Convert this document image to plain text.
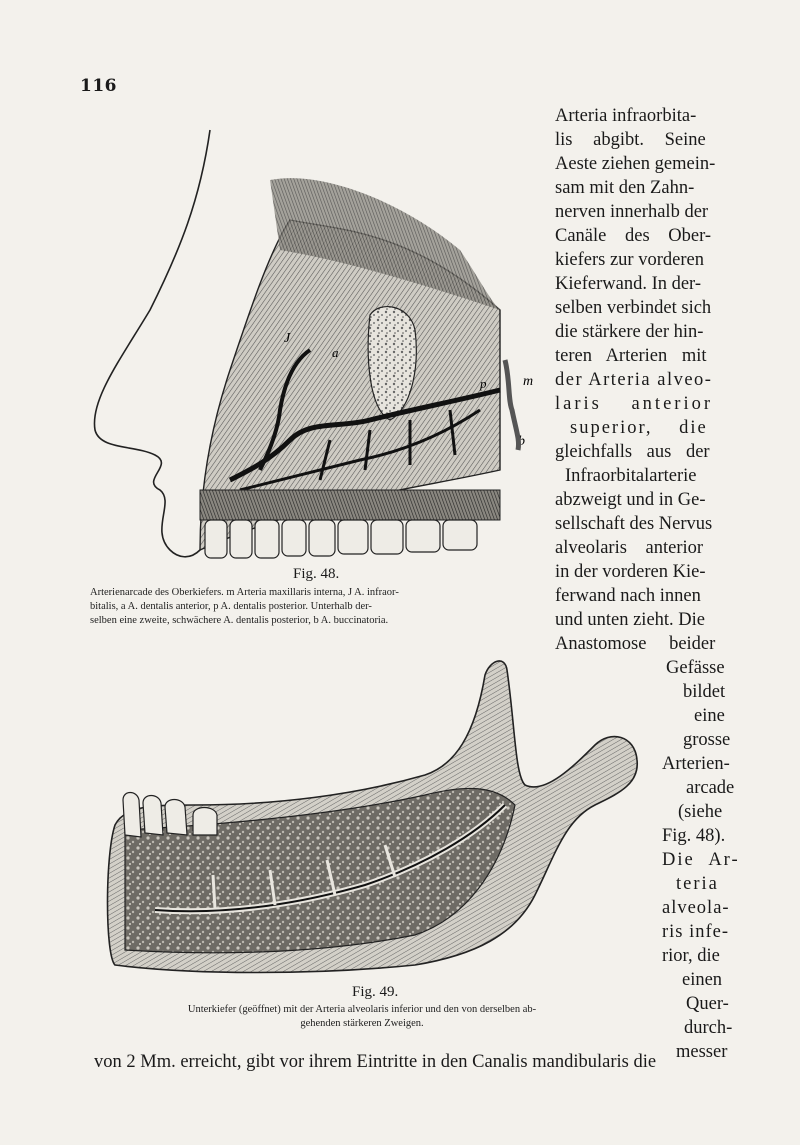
116
J
a
p	m
b
Fig. 48.
Arterienarcade des Oberkiefers. m Arteria maxillaris interna, J A. infraor-
bitalis, a A. dentalis anterior, p A. dentalis posterior. Unterhalb der-
selben eine zweite, schwächere A. dentalis posterior, b A. buccinatoria.
Fig. 49.
Unterkiefer (geöffnet) mit der Arteria alveolaris inferior und den von derselben ab-
gehenden stärkeren Zweigen.
Arteria infraorbita-
lis abgibt. Seine
Aeste ziehen gemein-
sam mit den Zahn-
nerven innerhalb der
Canäle des Ober-
kiefers zur vorderen
Kieferwand. In der-
selben verbindet sich
die stärkere der hin-
teren Arterien mit
der Arteria alveo-
laris anterior
superior, die
gleichfalls aus der
Infraorbitalarterie
abzweigt und in Ge-
sellschaft des Nervus
alveolaris anterior
in der vorderen Kie-
ferwand nach innen
und unten zieht. Die
Anastomose beider
Gefässe
bildet
eine
grosse
Arterien-
arcade
(siehe
Fig. 48).
Die Ar-
teria
alveola-
ris infe-
rior, die
einen
Quer-
durch-
messer
von 2 Mm. erreicht, gibt vor ihrem Eintritte in den Canalis mandibularis die
